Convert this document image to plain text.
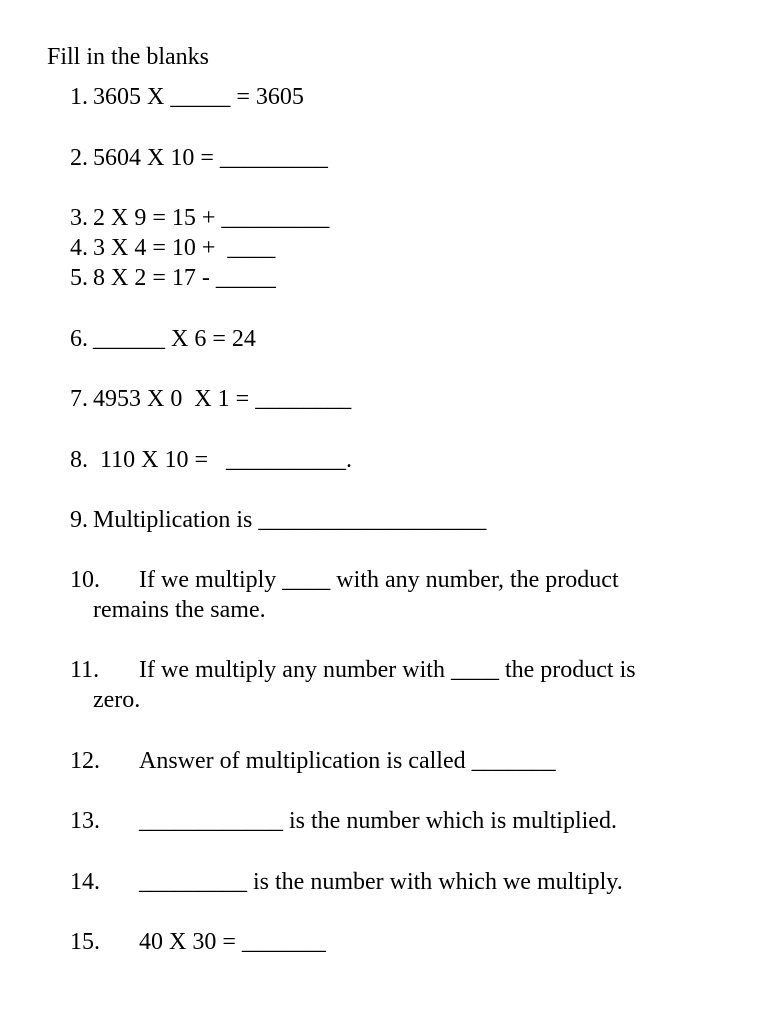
Fill in the blanks
1. 3605 X _____ = 3605
2. 5604 X 10 = _________
3. 2 X 9 = 15 + _________
4. 3 X 4 = 10 +  ____
5. 8 X 2 = 17 - _____
6. ______ X 6 = 24
7. 4953 X 0  X 1 = ________
8.  110 X 10 =   __________.
9. Multiplication is ___________________
10. If we multiply ____ with any number, the product
remains the same.
11. If we multiply any number with ____ the product is
zero.
12. Answer of multiplication is called _______
13. ____________ is the number which is multiplied.
14. _________ is the number with which we multiply.
15. 40 X 30 = _______
